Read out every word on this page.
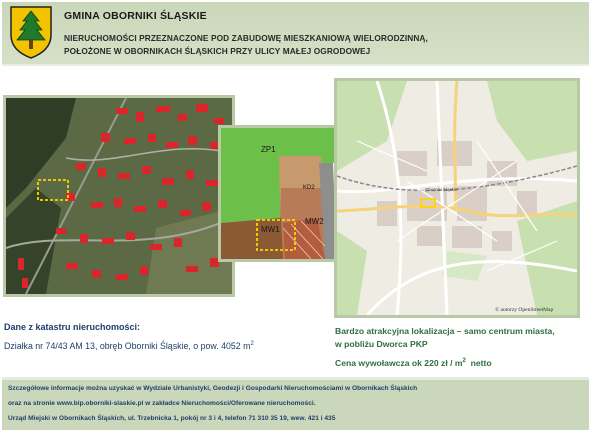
GMINA OBORNIKI ŚLĄSKIE
NIERUCHOMOŚCI PRZEZNACZONE POD ZABUDOWĘ MIESZKANIOWĄ WIELORODZINNĄ,
POŁOŻONE W OBORNIKACH ŚLĄSKICH PRZY ULICY MAŁEJ OGRODOWEJ
ZP1
KD2
MW1
MW2
Oborniki Śląskie
© autorzy OpenStreetMap
Dane z katastru nieruchomości:
Działka nr 74/43 AM 13, obręb Oborniki Śląskie, o pow. 4052 $m^2$
Bardzo atrakcyjna lokalizacja – samo centrum miasta,
w pobliżu Dworca PKP
Cena wywoławcza ok 220 zł / $m^2$  netto
Szczegółowe informacje można uzyskać w Wydziale Urbanistyki, Geodezji i Gospodarki Nieruchomościami w Obornikach Śląskich
oraz na stronie www.bip.oborniki-slaskie.pl w zakładce Nieruchomości/Oferowane nieruchomości.
Urząd Miejski w Obornikach Śląskich, ul. Trzebnicka 1, pokój nr 3 i 4, telefon 71 310 35 19, wew. 421 i 435
